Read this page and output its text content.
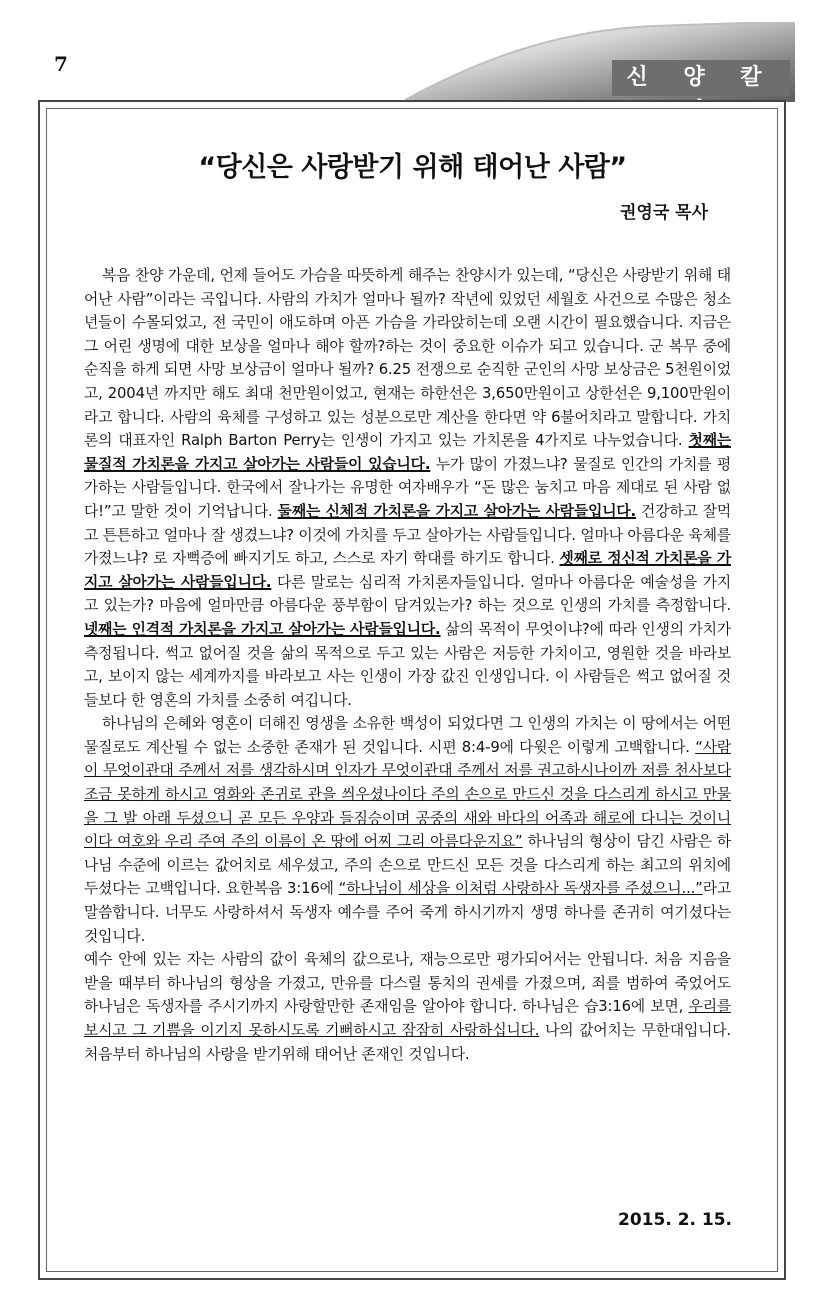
7	신 양 칼 럼
“당신은 사랑받기 위해 태어난 사람”
권영국 목사

복음 찬양 가운데, 언제 들어도 가슴을 따뜻하게 해주는 찬양시가 있는데, “당신은 사랑받기 위해 태어난 사람”이라는 곡입니다. 사람의 가치가 얼마나 될까? 작년에 있었던 세월호 사건으로 수많은 청소년들이 수몰되었고, 전 국민이 애도하며 아픈 가슴을 가라앉히는데 오랜 시간이 필요했습니다. 지금은 그 어린 생명에 대한 보상을 얼마나 해야 할까?하는 것이 중요한 이슈가 되고 있습니다. 군 복무 중에 순직을 하게 되면 사망 보상금이 얼마나 될까? 6.25 전쟁으로 순직한 군인의 사망 보상금은 5천원이었고, 2004년 까지만 해도 최대 천만원이었고, 현재는 하한선은 3,650만원이고 상한선은 9,100만원이라고 합니다. 사람의 육체를 구성하고 있는 성분으로만 계산을 한다면 약 6불어치라고 말합니다. 가치론의 대표자인 Ralph Barton Perry는 인생이 가지고 있는 가치론을 4가지로 나누었습니다. 첫째는 물질적 가치론을 가지고 살아가는 사람들이 있습니다. 누가 많이 가졌느냐? 물질로 인간의 가치를 평가하는 사람들입니다. 한국에서 잘나가는 유명한 여자배우가 “돈 많은 눔치고 마음 제대로 된 사람 없다!”고 말한 것이 기억납니다. 둘째는 신체적 가치론을 가지고 살아가는 사람들입니다. 건강하고 잘먹고 튼튼하고 얼마나 잘 생겼느냐? 이것에 가치를 두고 살아가는 사람들입니다. 얼마나 아름다운 육체를 가졌느냐? 로 자뻑증에 빠지기도 하고, 스스로 자기 학대를 하기도 합니다. 셋째로 정신적 가치론을 가지고 살아가는 사람들입니다. 다른 말로는 심리적 가치론자들입니다. 얼마나 아름다운 예술성을 가지고 있는가? 마음에 얼마만큼 아름다운 풍부함이 담겨있는가? 하는 것으로 인생의 가치를 측정합니다. 넷째는 인격적 가치론을 가지고 살아가는 사람들입니다. 삶의 목적이 무엇이냐?에 따라 인생의 가치가 측정됩니다. 썩고 없어질 것을 삶의 목적으로 두고 있는 사람은 저등한 가치이고, 영원한 것을 바라보고, 보이지 않는 세계까지를 바라보고 사는 인생이 가장 값진 인생입니다. 이 사람들은 썩고 없어질 것들보다 한 영혼의 가치를 소중히 여깁니다.

하나님의 은혜와 영혼이 더해진 영생을 소유한 백성이 되었다면 그 인생의 가치는 이 땅에서는 어떤 물질로도 계산될 수 없는 소중한 존재가 된 것입니다. 시편 8:4-9에 다윗은 이렇게 고백합니다. “사람이 무엇이관대 주께서 저를 생각하시며 인자가 무엇이관대 주께서 저를 권고하시나이까 저를 천사보다 조금 못하게 하시고 영화와 존귀로 관을 씌우셨나이다 주의 손으로 만드신 것을 다스리게 하시고 만물을 그 발 아래 두셨으니 곧 모든 우양과 들짐승이며 공중의 새와 바다의 어족과 해로에 다니는 것이니이다 여호와 우리 주여 주의 이름이 온 땅에 어찌 그리 아름다운지요” 하나님의 형상이 담긴 사람은 하나님 수준에 이르는 값어치로 세우셨고, 주의 손으로 만드신 모든 것을 다스리게 하는 최고의 위치에 두셨다는 고백입니다. 요한복음 3:16에 “하나님이 세상을 이처럼 사랑하사 독생자를 주셨으니...”라고 말씀합니다. 너무도 사랑하셔서 독생자 예수를 주어 죽게 하시기까지 생명 하나를 존귀히 여기셨다는 것입니다.

예수 안에 있는 자는 사람의 값이 육체의 값으로나, 재능으로만 평가되어서는 안됩니다. 처음 지음을 받을 때부터 하나님의 형상을 가졌고, 만유를 다스릴 통치의 권세를 가졌으며, 죄를 범하여 죽었어도 하나님은 독생자를 주시기까지 사랑할만한 존재임을 알아야 합니다. 하나님은 습3:16에 보면, 우리를 보시고 그 기쁨을 이기지 못하시도록 기뻐하시고 잠잠히 사랑하십니다. 나의 값어치는 무한대입니다. 처음부터 하나님의 사랑을 받기위해 태어난 존재인 것입니다.

2015. 2. 15.
